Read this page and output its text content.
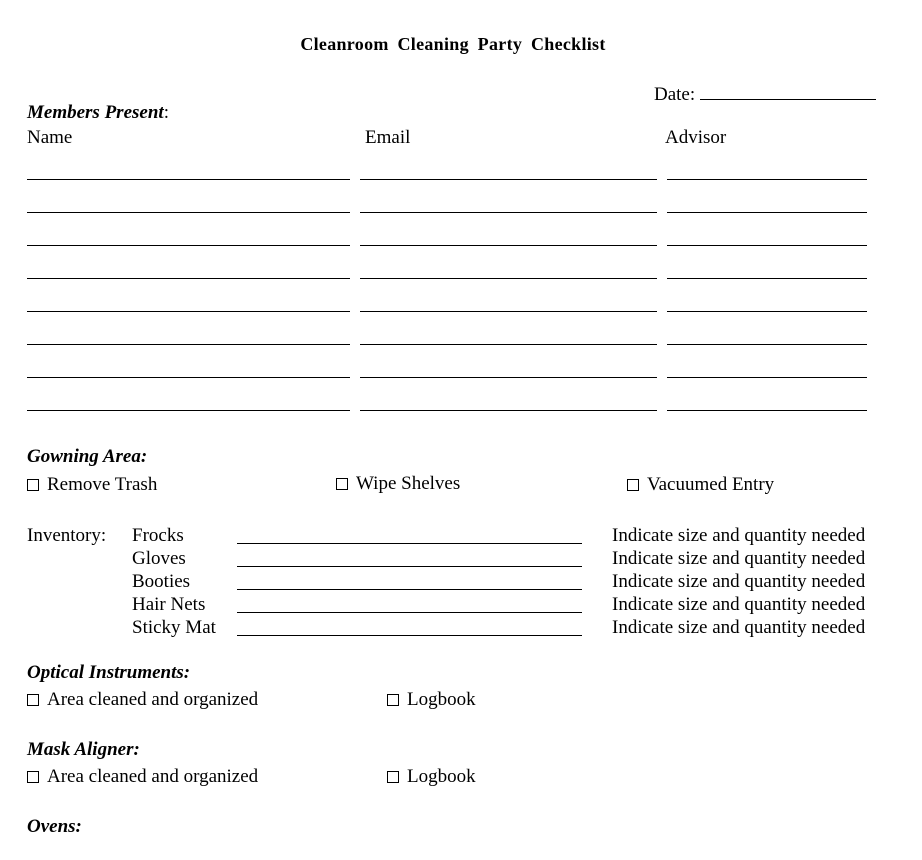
Cleanroom Cleaning Party Checklist
Date:
Members Present:
Name	Email	Advisor
Gowning Area:
Remove Trash	Wipe Shelves	Vacuumed Entry
Inventory: Frocks	Indicate size and quantity needed
Gloves	Indicate size and quantity needed
Booties	Indicate size and quantity needed
Hair Nets	Indicate size and quantity needed
Sticky Mat	Indicate size and quantity needed
Optical Instruments:
Area cleaned and organized	Logbook
Mask Aligner:
Area cleaned and organized	Logbook
Ovens:
